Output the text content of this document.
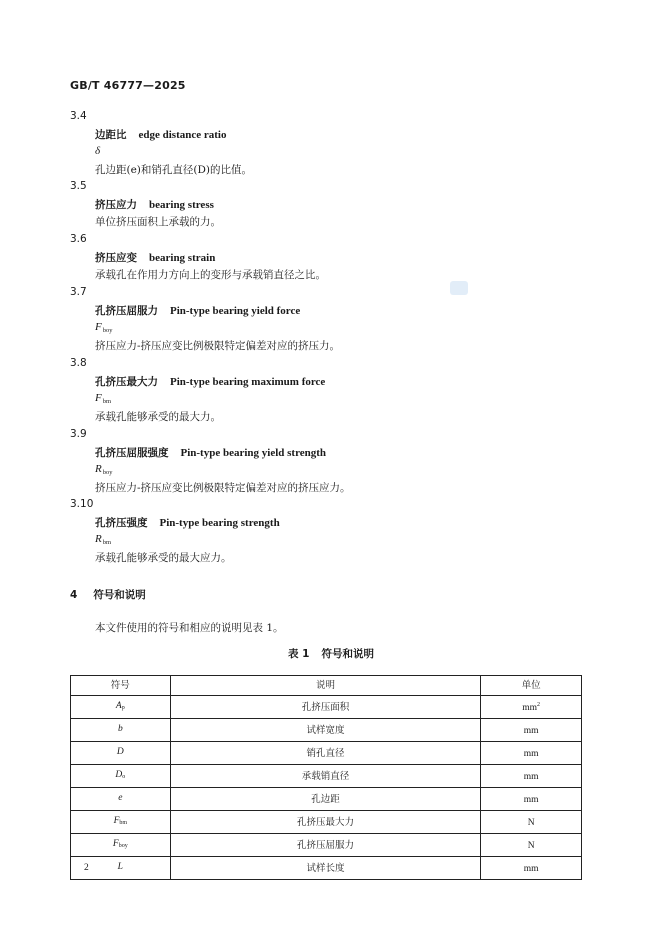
GB/T 46777—2025
3.4
边距比 edge distance ratio
δ
孔边距(e)和销孔直径(D)的比值。
3.5
挤压应力 bearing stress
单位挤压面积上承载的力。
3.6
挤压应变 bearing strain
承载孔在作用力方向上的变形与承载销直径之比。
3.7
孔挤压屈服力 Pin-type bearing yield force
$F_{boy}$
挤压应力-挤压应变比例极限特定偏差对应的挤压力。
3.8
孔挤压最大力 Pin-type bearing maximum force
$F_{bm}$
承载孔能够承受的最大力。
3.9
孔挤压屈服强度 Pin-type bearing yield strength
$R_{boy}$
挤压应力-挤压应变比例极限特定偏差对应的挤压应力。
3.10
孔挤压强度 Pin-type bearing strength
$R_{bm}$
承载孔能够承受的最大应力。
4 符号和说明
本文件使用的符号和相应的说明见表 1。
表 1 符号和说明
符号	说明	单位
$A_p$	孔挤压面积	$mm^2$
b	试样宽度	mm
D	销孔直径	mm
$D_o$	承载销直径	mm
e	孔边距	mm
$F_{bm}$	孔挤压最大力	N
$F_{boy}$	孔挤压屈服力	N
L	试样长度	mm
2
